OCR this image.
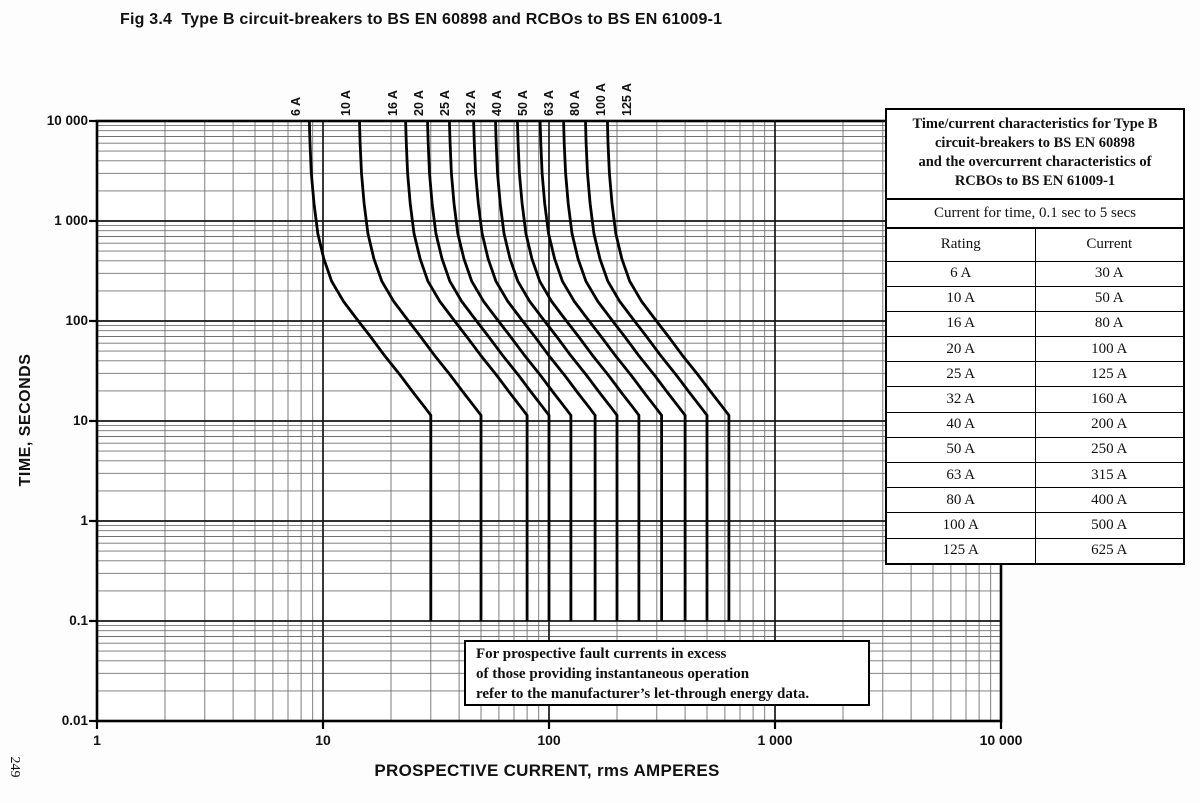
Fig 3.4  Type B circuit-breakers to BS EN 60898 and RCBOs to BS EN 61009-1
TIME, SECONDS
6 A	10 A	16 A 20 A 25 A 32 A 40 A 50 A 63 A 80 A 100 A 125 A
10 000
1 000
100
10
1
0.1
0.01
1	10	100	1 000	10 000
PROSPECTIVE CURRENT, rms AMPERES
Time/current characteristics for Type B
circuit-breakers to BS EN 60898
and the overcurrent characteristics of
RCBOs to BS EN 61009-1
Current for time, 0.1 sec to 5 secs
Rating	Current
6 A	30 A
10 A	50 A
16 A	80 A
20 A	100 A
25 A	125 A
32 A	160 A
40 A	200 A
50 A	250 A
63 A	315 A
80 A	400 A
100 A	500 A
125 A	625 A
For prospective fault currents in excess
of those providing instantaneous operation
refer to the manufacturer’s let-through energy data.
249
